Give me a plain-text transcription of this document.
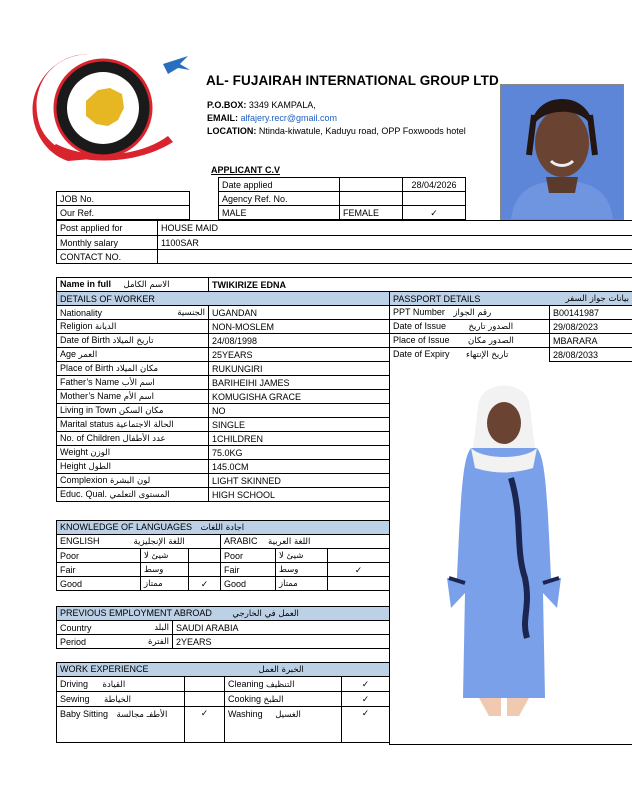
AL- FUJAIRAH INTERNATIONAL GROUP LTD
P.O.BOX: 3349 KAMPALA,
EMAIL: alfajery.recr@gmail.com
LOCATION: Ntinda-kiwatule, Kaduyu road, OPP Foxwoods hotel
APPLICANT C.V
Date applied		28/04/2026
Agency Ref. No.		
MALE	FEMALE	✓
JOB No.
Our Ref.
Post applied for	HOUSE MAID
Monthly salary	1100SAR
CONTACT NO.	
Name in full الاسم الكامل	TWIKIRIZE EDNA
DETAILS OF WORKER	
Nationality الجنسية	UGANDAN
Religion الديانة	NON-MOSLEM
Date of Birth تاريخ الميلاد	24/08/1998
Age العمر	25YEARS
Place of Birth مكان الميلاد	RUKUNGIRI
Father’s Name اسم الأب	BARIHEIHI JAMES
Mother’s Name اسم الأم	KOMUGISHA GRACE
Living in Town مكان السكن	NO
Marital status الحالة الاجتماعية	SINGLE
No. of Children عدد الأطفال	1CHILDREN
Weight الوزن	75.0KG
Height الطول	145.0CM
Complexion لون البشرة	LIGHT SKINNED
Educ. Qual. المستوى التعلمي	HIGH SCHOOL
PASSPORT DETAILS بيانات جواز السفر	

PPT Number رقم الجواز	B00141987
Date of Issue الصدور تاريخ	29/08/2023
Place of Issue الصدور مكان	MBARARA
Date of Expiry تاريخ الإنتهاء	28/08/2033
KNOWLEDGE OF LANGUAGES اجادة اللغات					
ENGLISH اللغة الإنجليزية			ARABIC اللغة العربية		
Poor	شيئ لا		Poor	شيئ لا	
Fair	وسط		Fair	وسط	✓
Good	ممتاز	✓	Good	ممتاز	
PREVIOUS EMPLOYMENT ABROAD العمل في الخارجي	
Country البلد	SAUDI ARABIA
Period الفترة	2YEARS
WORK EXPERIENCE الخبرة العمل			
Driving القيادة		Cleaning التنظيف	✓
Sewing الخياطة		Cooking الطبخ	✓
Baby Sitting الأطفـ مجالسة	✓	Washing الغسيل	✓
